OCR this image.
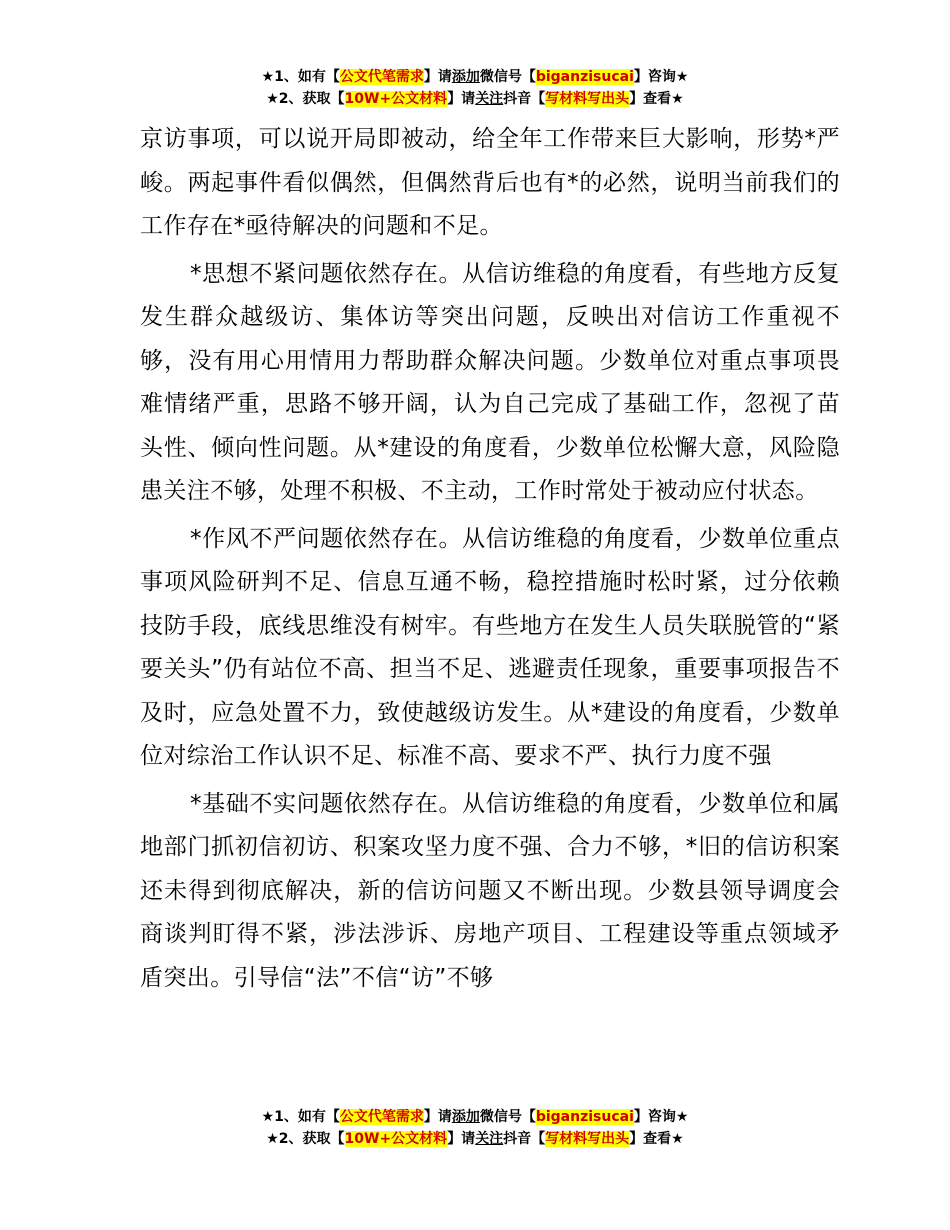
★1、如有【公文代笔需求】请添加微信号【biganzisucai】咨询★
★2、获取【10W+公文材料】请关注抖音【写材料写出头】查看★

京访事项，可以说开局即被动，给全年工作带来巨大影响，形势*严峻。两起事件看似偶然，但偶然背后也有*的必然，说明当前我们的工作存在*亟待解决的问题和不足。

*思想不紧问题依然存在。从信访维稳的角度看，有些地方反复发生群众越级访、集体访等突出问题，反映出对信访工作重视不够，没有用心用情用力帮助群众解决问题。少数单位对重点事项畏难情绪严重，思路不够开阔，认为自己完成了基础工作，忽视了苗头性、倾向性问题。从*建设的角度看，少数单位松懈大意，风险隐患关注不够，处理不积极、不主动，工作时常处于被动应付状态。

*作风不严问题依然存在。从信访维稳的角度看，少数单位重点事项风险研判不足、信息互通不畅，稳控措施时松时紧，过分依赖技防手段，底线思维没有树牢。有些地方在发生人员失联脱管的“紧要关头”仍有站位不高、担当不足、逃避责任现象，重要事项报告不及时，应急处置不力，致使越级访发生。从*建设的角度看，少数单位对综治工作认识不足、标准不高、要求不严、执行力度不强

*基础不实问题依然存在。从信访维稳的角度看，少数单位和属地部门抓初信初访、积案攻坚力度不强、合力不够，*旧的信访积案还未得到彻底解决，新的信访问题又不断出现。少数县领导调度会商谈判盯得不紧，涉法涉诉、房地产项目、工程建设等重点领域矛盾突出。引导信“法”不信“访”不够

★1、如有【公文代笔需求】请添加微信号【biganzisucai】咨询★
★2、获取【10W+公文材料】请关注抖音【写材料写出头】查看★
